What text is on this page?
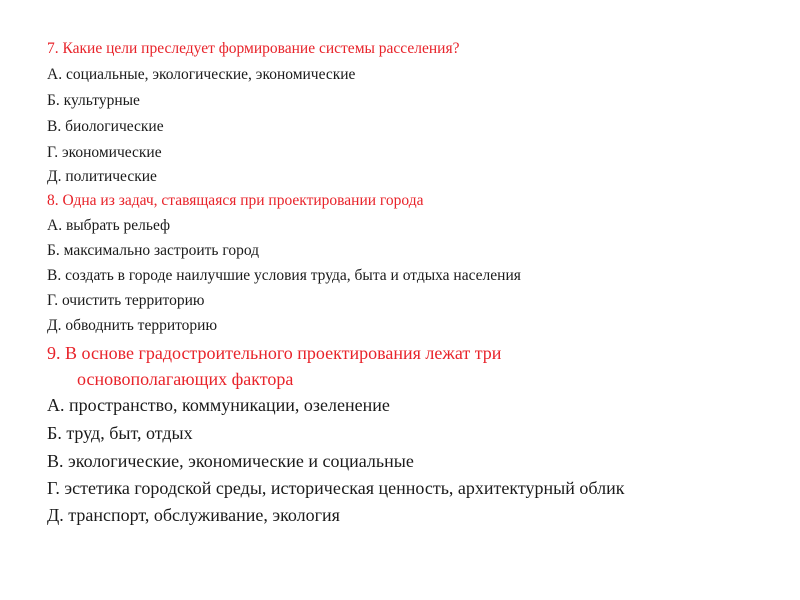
7. Какие цели преследует формирование системы расселения?

А. социальные, экологические, экономические

Б. культурные

В. биологические

Г. экономические

Д. политические

8. Одна из задач, ставящаяся при проектировании города

А. выбрать рельеф

Б. максимально застроить город

В. создать в городе наилучшие условия труда, быта и отдыха населения

Г. очистить территорию

Д. обводнить территорию

9. В основе градостроительного проектирования лежат три

основополагающих фактора

А. пространство, коммуникации, озеленение

Б. труд, быт, отдых

В. экологические, экономические и социальные

Г. эстетика городской среды, историческая ценность, архитектурный облик

Д. транспорт, обслуживание, экология
